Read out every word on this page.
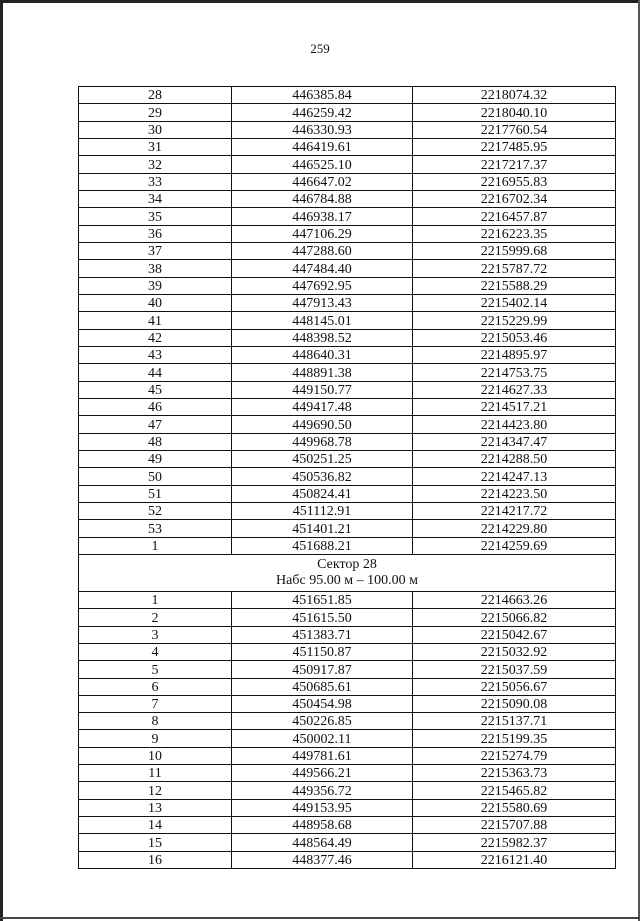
259
28	446385.84	2218074.32
29	446259.42	2218040.10
30	446330.93	2217760.54
31	446419.61	2217485.95
32	446525.10	2217217.37
33	446647.02	2216955.83
34	446784.88	2216702.34
35	446938.17	2216457.87
36	447106.29	2216223.35
37	447288.60	2215999.68
38	447484.40	2215787.72
39	447692.95	2215588.29
40	447913.43	2215402.14
41	448145.01	2215229.99
42	448398.52	2215053.46
43	448640.31	2214895.97
44	448891.38	2214753.75
45	449150.77	2214627.33
46	449417.48	2214517.21
47	449690.50	2214423.80
48	449968.78	2214347.47
49	450251.25	2214288.50
50	450536.82	2214247.13
51	450824.41	2214223.50
52	451112.91	2214217.72
53	451401.21	2214229.80
1	451688.21	2214259.69

Сектор 28
Набс 95.00 м – 100.00 м		

1	451651.85	2214663.26
2	451615.50	2215066.82
3	451383.71	2215042.67
4	451150.87	2215032.92
5	450917.87	2215037.59
6	450685.61	2215056.67
7	450454.98	2215090.08
8	450226.85	2215137.71
9	450002.11	2215199.35
10	449781.61	2215274.79
11	449566.21	2215363.73
12	449356.72	2215465.82
13	449153.95	2215580.69
14	448958.68	2215707.88
15	448564.49	2215982.37
16	448377.46	2216121.40
